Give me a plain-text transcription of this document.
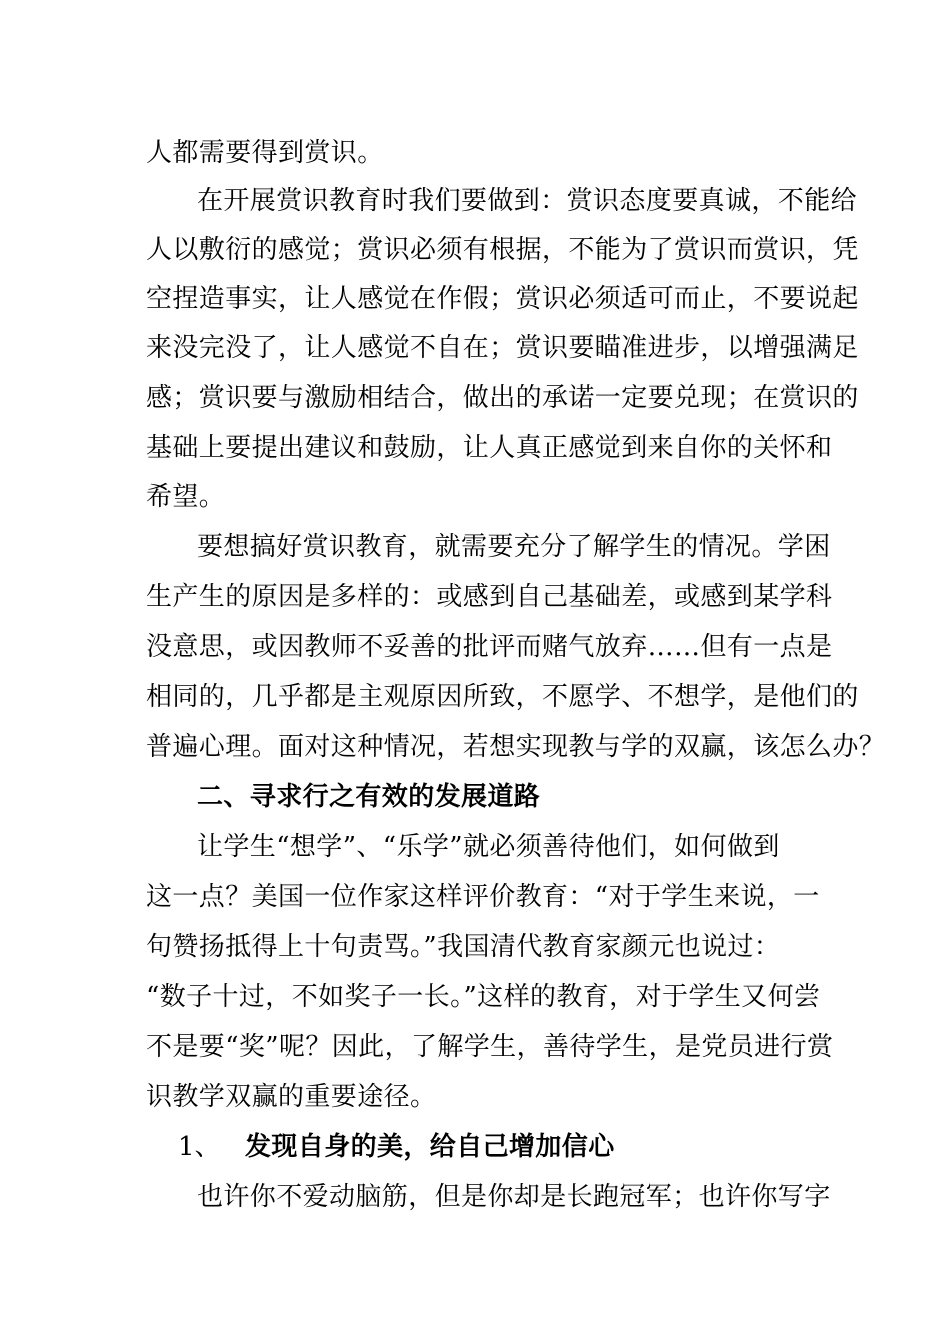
人都需要得到赏识。
在开展赏识教育时我们要做到：赏识态度要真诚，不能给
人以敷衍的感觉；赏识必须有根据，不能为了赏识而赏识，凭
空捏造事实，让人感觉在作假；赏识必须适可而止，不要说起
来没完没了，让人感觉不自在；赏识要瞄准进步，以增强满足
感；赏识要与激励相结合，做出的承诺一定要兑现；在赏识的
基础上要提出建议和鼓励，让人真正感觉到来自你的关怀和
希望。
要想搞好赏识教育，就需要充分了解学生的情况。学困
生产生的原因是多样的：或感到自己基础差，或感到某学科
没意思，或因教师不妥善的批评而赌气放弃……但有一点是
相同的，几乎都是主观原因所致，不愿学、不想学，是他们的
普遍心理。面对这种情况，若想实现教与学的双赢，该怎么办？
二、寻求行之有效的发展道路
让学生“想学”、“乐学”就必须善待他们，如何做到
这一点？美国一位作家这样评价教育：“对于学生来说，一
句赞扬抵得上十句责骂。”我国清代教育家颜元也说过：
“数子十过，不如奖子一长。”这样的教育，对于学生又何尝
不是要“奖”呢？因此，了解学生，善待学生，是党员进行赏
识教学双赢的重要途径。
1、 发现自身的美，给自己增加信心
也许你不爱动脑筋，但是你却是长跑冠军；也许你写字
